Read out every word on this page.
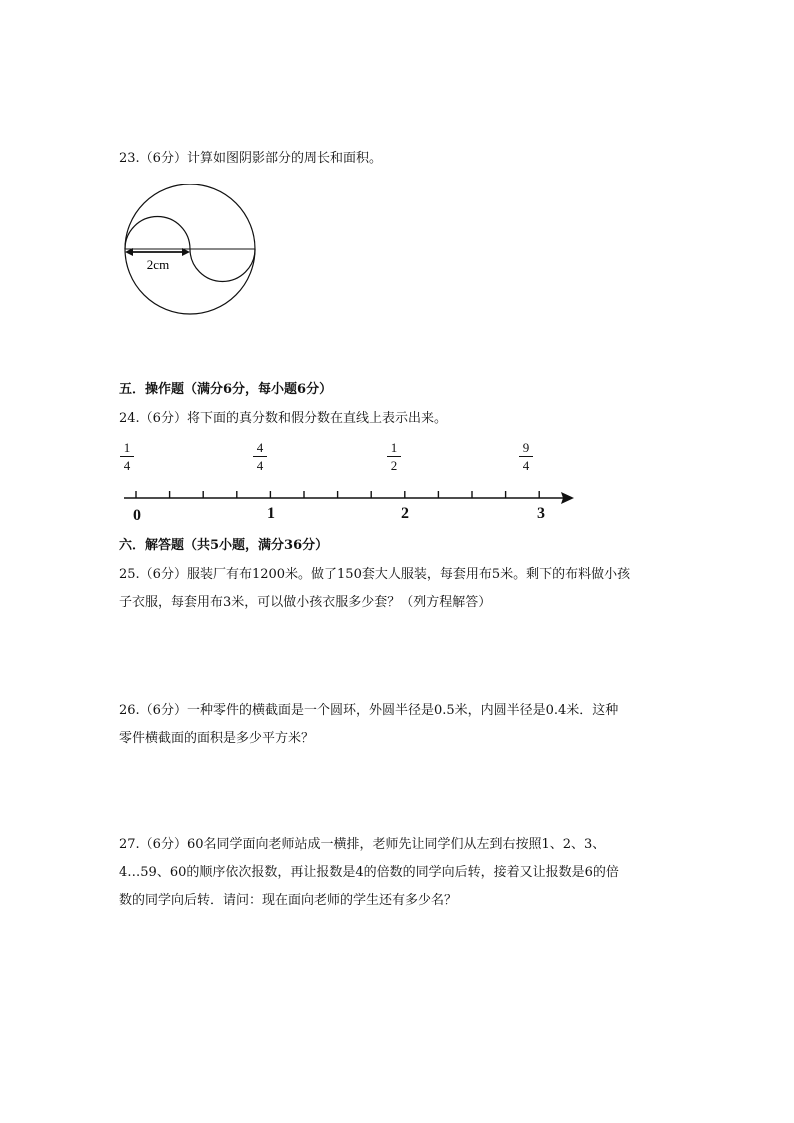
23.（6分）计算如图阴影部分的周长和面积。
2cm
五．操作题（满分6分，每小题6分）
24.（6分）将下面的真分数和假分数在直线上表示出来。
1
4
4
4
1
2
9
4
0	1	2	3
六．解答题（共5小题，满分36分）
25.（6分）服装厂有布1200米。做了150套大人服装，每套用布5米。剩下的布料做小孩
子衣服，每套用布3米，可以做小孩衣服多少套？（列方程解答）
26.（6分）一种零件的横截面是一个圆环，外圆半径是0.5米，内圆半径是0.4米．这种
零件横截面的面积是多少平方米？
27.（6分）60名同学面向老师站成一横排，老师先让同学们从左到右按照1、2、3、
4…59、60的顺序依次报数，再让报数是4的倍数的同学向后转，接着又让报数是6的倍
数的同学向后转．请问：现在面向老师的学生还有多少名？
